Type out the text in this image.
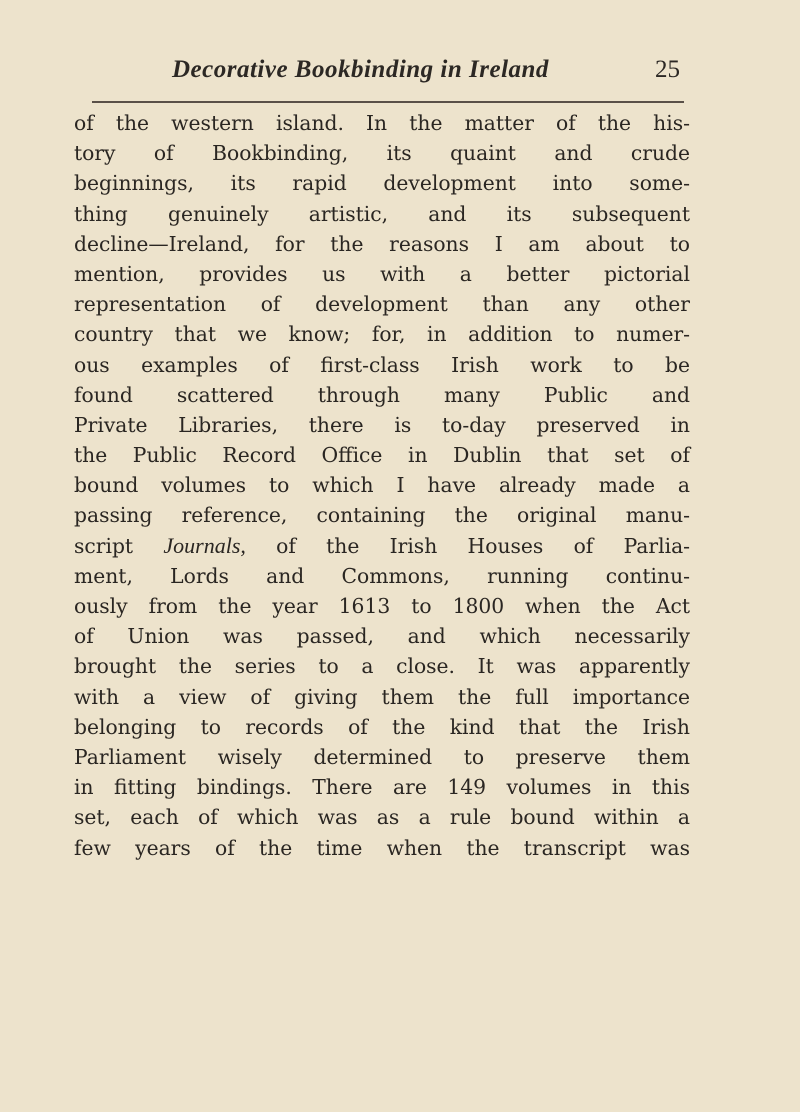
Decorative Bookbinding in Ireland	25
of the western island. In the matter of the his-
tory of Bookbinding, its quaint and crude
beginnings, its rapid development into some-
thing genuinely artistic, and its subsequent
decline—Ireland, for the reasons I am about to
mention, provides us with a better pictorial
representation of development than any other
country that we know; for, in addition to numer-
ous examples of first-class Irish work to be
found scattered through many Public and
Private Libraries, there is to-day preserved in
the Public Record Office in Dublin that set of
bound volumes to which I have already made a
passing reference, containing the original manu-
script Journals, of the Irish Houses of Parlia-
ment, Lords and Commons, running continu-
ously from the year 1613 to 1800 when the Act
of Union was passed, and which necessarily
brought the series to a close. It was apparently
with a view of giving them the full importance
belonging to records of the kind that the Irish
Parliament wisely determined to preserve them
in fitting bindings. There are 149 volumes in this
set, each of which was as a rule bound within a
few years of the time when the transcript was
